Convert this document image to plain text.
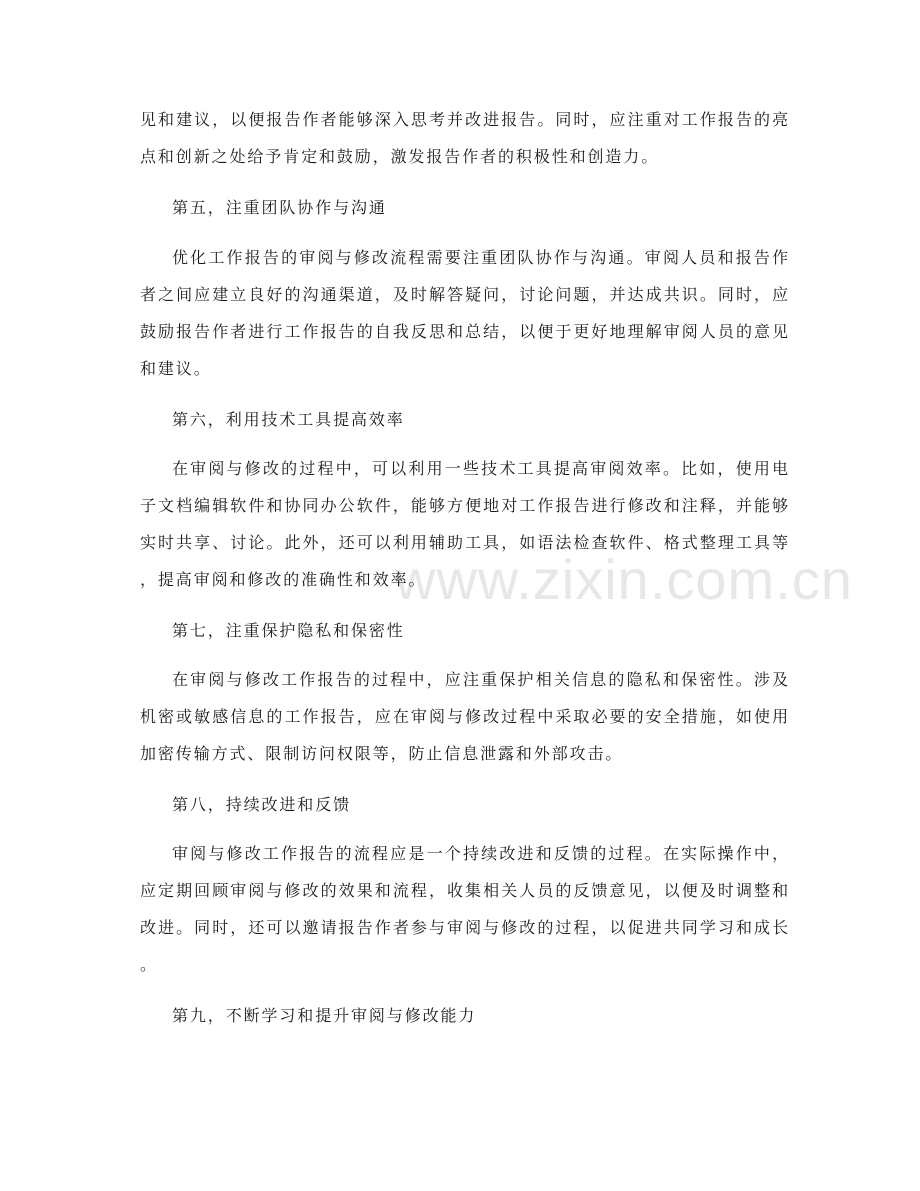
www.zixin.com.cn
见和建议，以便报告作者能够深入思考并改进报告。同时，应注重对工作报告的亮
点和创新之处给予肯定和鼓励，激发报告作者的积极性和创造力。
第五，注重团队协作与沟通
优化工作报告的审阅与修改流程需要注重团队协作与沟通。审阅人员和报告作
者之间应建立良好的沟通渠道，及时解答疑问，讨论问题，并达成共识。同时，应
鼓励报告作者进行工作报告的自我反思和总结，以便于更好地理解审阅人员的意见
和建议。
第六，利用技术工具提高效率
在审阅与修改的过程中，可以利用一些技术工具提高审阅效率。比如，使用电
子文档编辑软件和协同办公软件，能够方便地对工作报告进行修改和注释，并能够
实时共享、讨论。此外，还可以利用辅助工具，如语法检查软件、格式整理工具等
，提高审阅和修改的准确性和效率。
第七，注重保护隐私和保密性
在审阅与修改工作报告的过程中，应注重保护相关信息的隐私和保密性。涉及
机密或敏感信息的工作报告，应在审阅与修改过程中采取必要的安全措施，如使用
加密传输方式、限制访问权限等，防止信息泄露和外部攻击。
第八，持续改进和反馈
审阅与修改工作报告的流程应是一个持续改进和反馈的过程。在实际操作中，
应定期回顾审阅与修改的效果和流程，收集相关人员的反馈意见，以便及时调整和
改进。同时，还可以邀请报告作者参与审阅与修改的过程，以促进共同学习和成长
。
第九，不断学习和提升审阅与修改能力
